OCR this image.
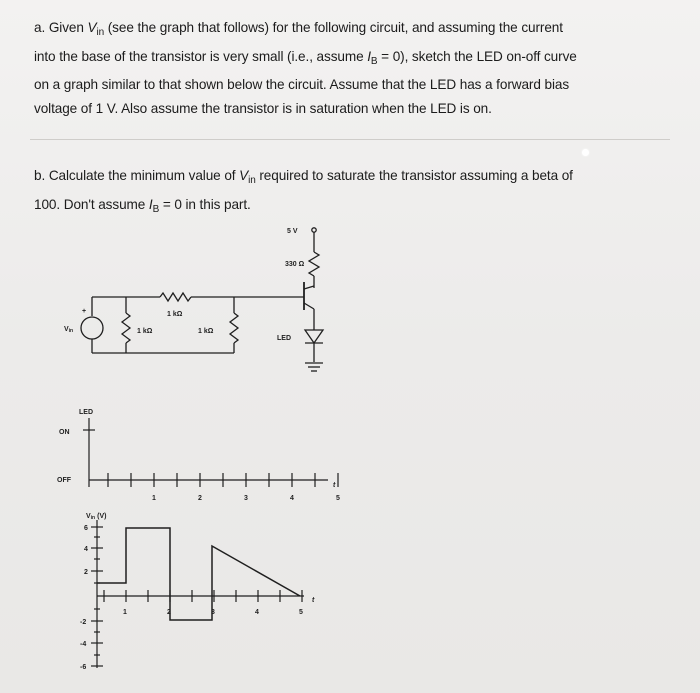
a. Given $V_{in}$ (see the graph that follows) for the following circuit, and assuming the current
into the base of the transistor is very small (i.e., assume $I_B = 0$), sketch the LED on-off curve
on a graph similar to that shown below the circuit. Assume that the LED has a forward bias
voltage of 1 V. Also assume the transistor is in saturation when the LED is on.
b. Calculate the minimum value of $V_{in}$ required to saturate the transistor assuming a beta of
100. Don't assume $I_B = 0$ in this part.
5 V
330 Ω
LED
1 kΩ
+
Vin	1 kΩ	1 kΩ
LED
ON
OFF
1	2	3	4	5
t
Vin (V)
6
4
2
-2
-4
-6
1	2	3	4	5
t
